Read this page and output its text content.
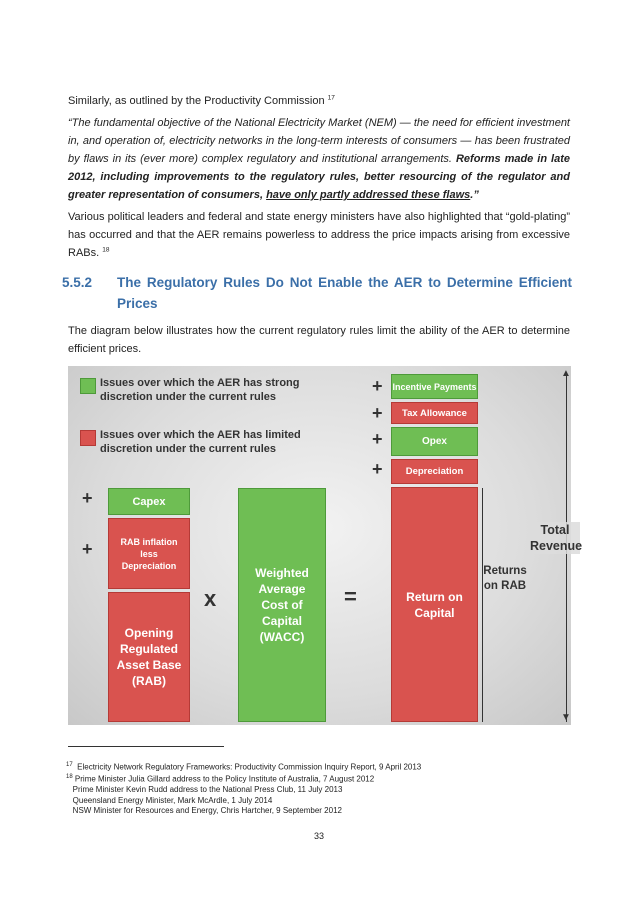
Similarly, as outlined by the Productivity Commission $^{17}$
“The fundamental objective of the National Electricity Market (NEM) — the need for efficient investment in, and operation of, electricity networks in the long-term interests of consumers — has been frustrated by flaws in its (ever more) complex regulatory and institutional arrangements. Reforms made in late 2012, including improvements to the regulatory rules, better resourcing of the regulator and greater representation of consumers, have only partly addressed these flaws.”
Various political leaders and federal and state energy ministers have also highlighted that “gold-plating” has occurred and that the AER remains powerless to address the price impacts arising from excessive RABs. $^{18}$
5.5.2 The Regulatory Rules Do Not Enable the AER to Determine Efficient Prices
The diagram below illustrates how the current regulatory rules limit the ability of the AER to determine efficient prices.
Issues over which the AER has strong discretion under the current rules
Issues over which the AER has limited discretion under the current rules
+	Capex
+	RAB inflation less Depreciation
Opening Regulated Asset Base (RAB)
x
Weighted Average Cost of Capital (WACC)
=
+ Incentive Payments
+	Tax Allowance
+	Opex
+	Depreciation
Return on Capital
Returns on RAB
▲
▼
Total Revenue
$^{17}$ Electricity Network Regulatory Frameworks: Productivity Commission Inquiry Report, 9 April 2013
$^{18}$ Prime Minister Julia Gillard address to the Policy Institute of Australia, 7 August 2012
Prime Minister Kevin Rudd address to the National Press Club, 11 July 2013
Queensland Energy Minister, Mark McArdle, 1 July 2014
NSW Minister for Resources and Energy, Chris Hartcher, 9 September 2012
33
